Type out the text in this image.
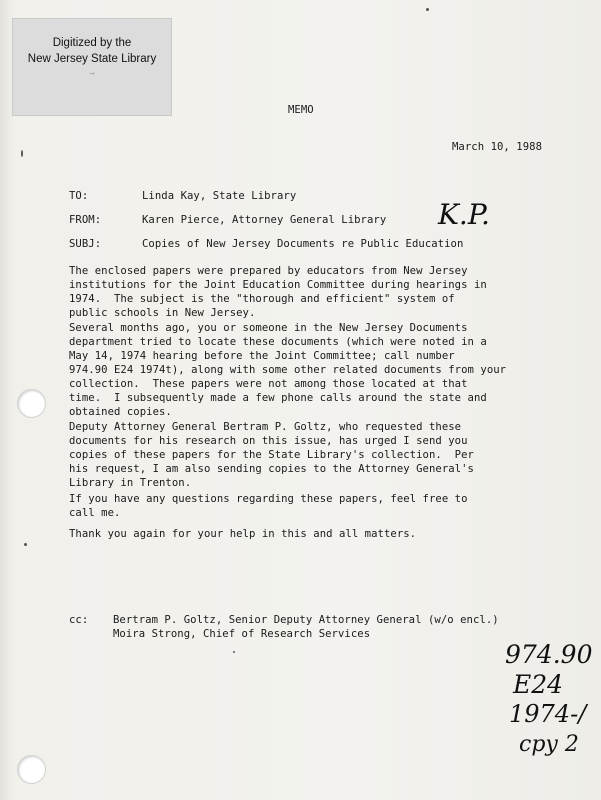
Digitized by the
New Jersey State Library
→
MEMO
March 10, 1988
TO:	Linda Kay, State Library
FROM:	Karen Pierce, Attorney General Library K.P.
SUBJ:	Copies of New Jersey Documents re Public Education
The enclosed papers were prepared by educators from New Jersey
institutions for the Joint Education Committee during hearings in
1974.  The subject is the "thorough and efficient" system of
public schools in New Jersey.
Several months ago, you or someone in the New Jersey Documents
department tried to locate these documents (which were noted in a
May 14, 1974 hearing before the Joint Committee; call number
974.90 E24 1974t), along with some other related documents from your
collection.  These papers were not among those located at that
time.  I subsequently made a few phone calls around the state and
obtained copies.
Deputy Attorney General Bertram P. Goltz, who requested these
documents for his research on this issue, has urged I send you
copies of these papers for the State Library's collection.  Per
his request, I am also sending copies to the Attorney General's
Library in Trenton.
If you have any questions regarding these papers, feel free to
call me.
Thank you again for your help in this and all matters.
cc: Bertram P. Goltz, Senior Deputy Attorney General (w/o encl.)
Moira Strong, Chief of Research Services
974.90
E24
1974-/
cpy 2
